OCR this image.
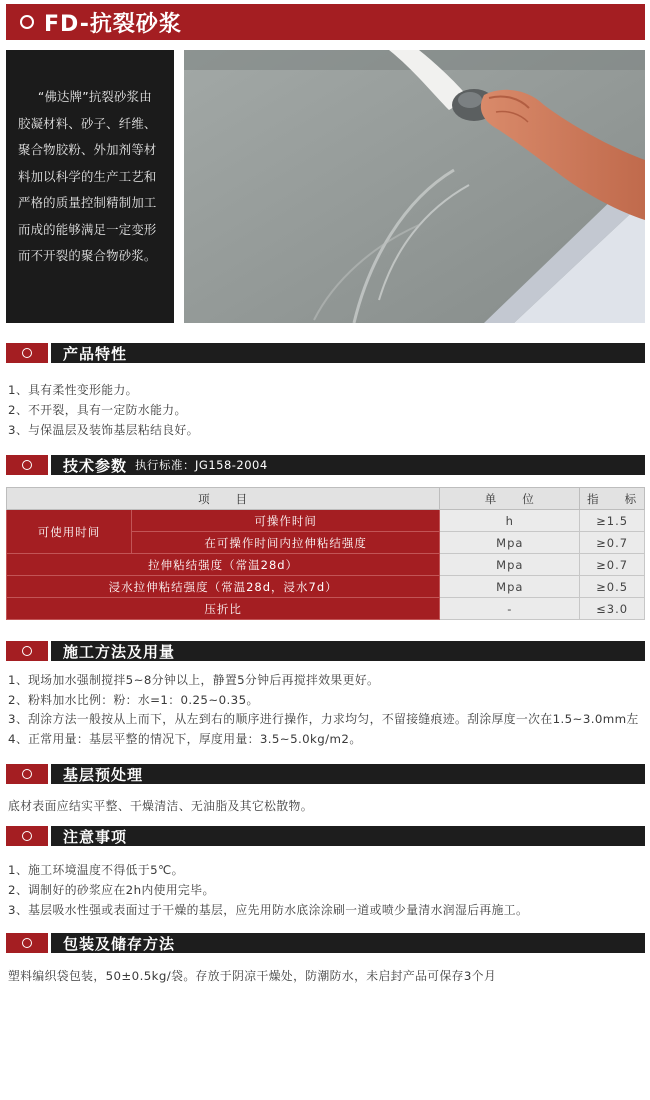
FD-抗裂砂浆

“佛达牌”抗裂砂浆由胶凝材料、砂子、纤维、聚合物胶粉、外加剂等材料加以科学的生产工艺和严格的质量控制精制加工而成的能够满足一定变形而不开裂的聚合物砂浆。

产品特性
1、具有柔性变形能力。
2、不开裂，具有一定防水能力。
3、与保温层及装饰基层粘结良好。
技术参数 执行标准：JG158-2004
项　　目		单　　位	指　　标
可使用时间	可操作时间	h	≥1.5
	在可操作时间内拉伸粘结强度	Mpa	≥0.7
拉伸粘结强度（常温28d）		Mpa	≥0.7
浸水拉伸粘结强度（常温28d，浸水7d）		Mpa	≥0.5
压折比		-	≤3.0
施工方法及用量
1、现场加水强制搅拌5~8分钟以上，静置5分钟后再搅拌效果更好。
2、粉料加水比例：粉：水=1：0.25~0.35。
3、刮涂方法一般按从上而下，从左到右的顺序进行操作，力求均匀，不留接缝痕迹。刮涂厚度一次在1.5~3.0mm左
4、正常用量：基层平整的情况下，厚度用量：3.5~5.0kg/m2。
基层预处理
底材表面应结实平整、干燥清洁、无油脂及其它松散物。
注意事项
1、施工环境温度不得低于5℃。
2、调制好的砂浆应在2h内使用完毕。
3、基层吸水性强或表面过于干燥的基层，应先用防水底涂涂刷一道或喷少量清水润湿后再施工。
包装及储存方法
塑料编织袋包装，50±0.5kg/袋。存放于阴凉干燥处，防潮防水，未启封产品可保存3个月
